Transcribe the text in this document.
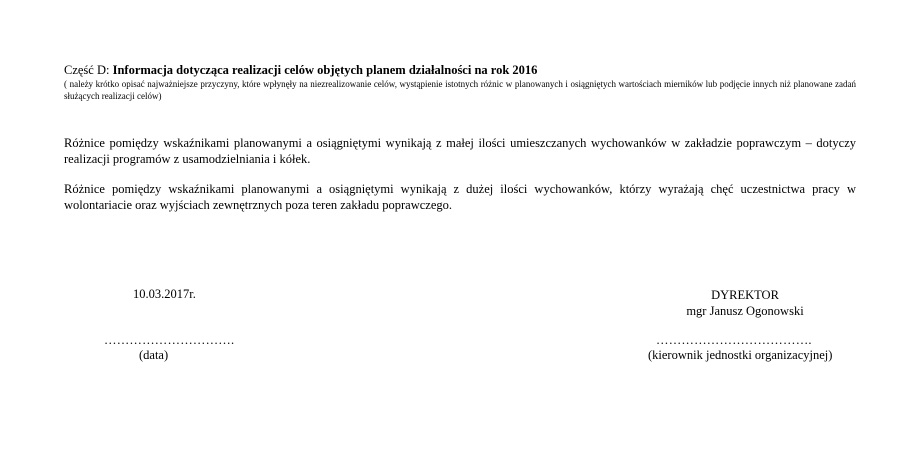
Część D: Informacja dotycząca realizacji celów objętych planem działalności na rok 2016
( należy krótko opisać najważniejsze przyczyny, które wpłynęły na niezrealizowanie celów, wystąpienie istotnych różnic w planowanych i osiągniętych wartościach mierników lub podjęcie innych niż planowane zadań służących realizacji celów)
Różnice pomiędzy wskaźnikami planowanymi a osiągniętymi wynikają z małej ilości umieszczanych wychowanków w zakładzie poprawczym – dotyczy realizacji programów z usamodzielniania i kółek.
Różnice pomiędzy wskaźnikami planowanymi a osiągniętymi wynikają z dużej ilości wychowanków, którzy wyrażają chęć uczestnictwa pracy w wolontariacie oraz wyjściach zewnętrznych poza teren zakładu poprawczego.
10.03.2017r.
………………………….
(data)
DYREKTOR
mgr Janusz Ogonowski
……………………………….
(kierownik jednostki organizacyjnej)
